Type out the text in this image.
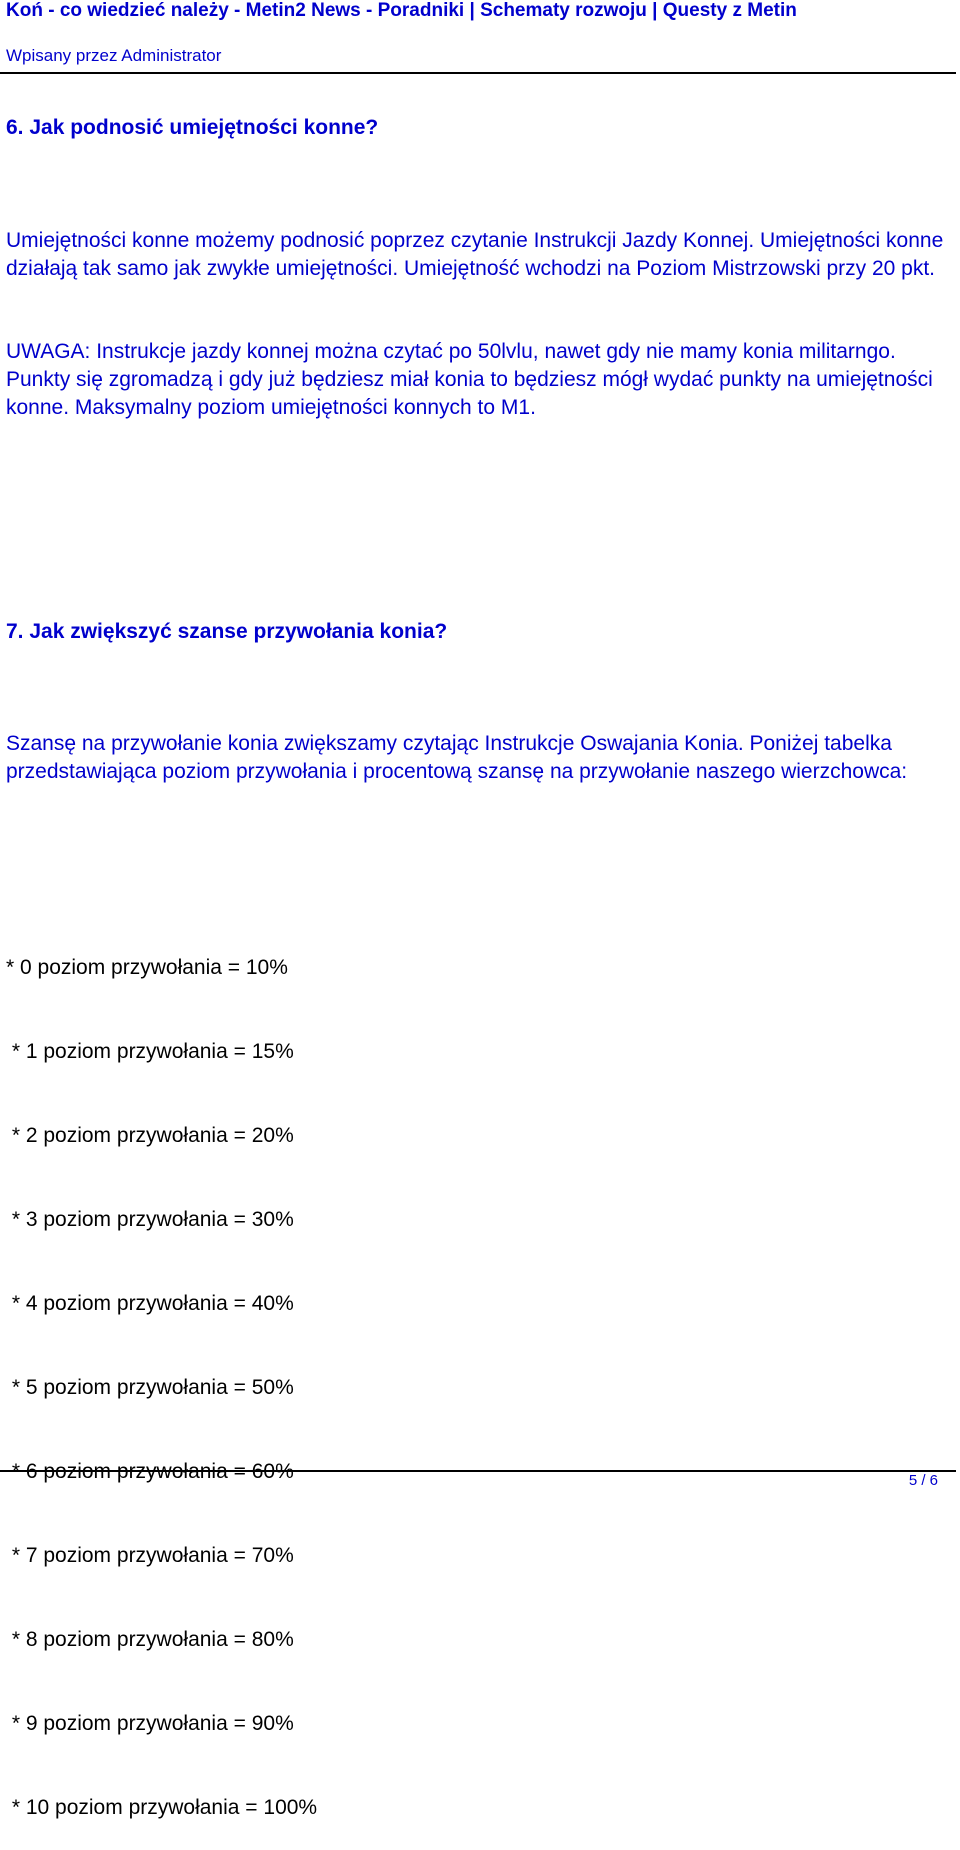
Koń - co wiedzieć należy - Metin2 News - Poradniki | Schematy rozwoju | Questy z Metin
Wpisany przez Administrator
6. Jak podnosić umiejętności konne?

Umiejętności konne możemy podnosić poprzez czytanie Instrukcji Jazdy Konnej. Umiejętności konne działają tak samo jak zwykłe umiejętności. Umiejętność wchodzi na Poziom Mistrzowski przy 20 pkt.

UWAGA: Instrukcje jazdy konnej można czytać po 50lvlu, nawet gdy nie mamy konia militarngo. Punkty się zgromadzą i gdy już będziesz miał konia to będziesz mógł wydać punkty na umiejętności konne. Maksymalny poziom umiejętności konnych to M1.

7. Jak zwiększyć szanse przywołania konia?

Szansę na przywołanie konia zwiększamy czytając Instrukcje Oswajania Konia. Poniżej tabelka przedstawiająca poziom przywołania i procentową szansę na przywołanie naszego wierzchowca:

* 0 poziom przywołania = 10%

* 1 poziom przywołania = 15%

* 2 poziom przywołania = 20%

* 3 poziom przywołania = 30%

* 4 poziom przywołania = 40%

* 5 poziom przywołania = 50%

* 6 poziom przywołania = 60%

* 7 poziom przywołania = 70%

* 8 poziom przywołania = 80%

* 9 poziom przywołania = 90%

* 10 poziom przywołania = 100%

5 / 6
